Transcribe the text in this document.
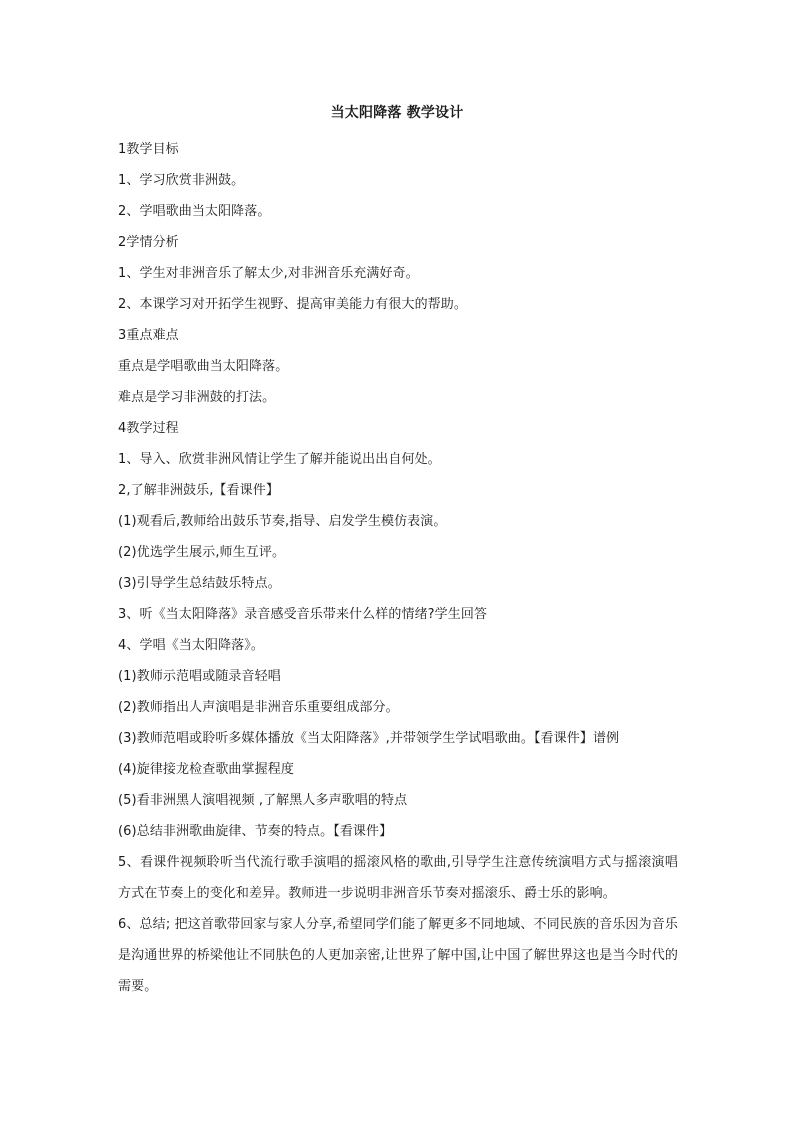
当太阳降落 教学设计
1教学目标
1、学习欣赏非洲鼓。
2、学唱歌曲当太阳降落。
2学情分析
1、学生对非洲音乐了解太少,对非洲音乐充满好奇。
2、本课学习对开拓学生视野、提高审美能力有很大的帮助。
3重点难点
重点是学唱歌曲当太阳降落。
难点是学习非洲鼓的打法。
4教学过程
1、导入、欣赏非洲风情让学生了解并能说出出自何处。
2,了解非洲鼓乐,【看课件】
(1)观看后,教师给出鼓乐节奏,指导、启发学生模仿表演。
(2)优选学生展示,师生互评。
(3)引导学生总结鼓乐特点。
3、听《当太阳降落》录音感受音乐带来什么样的情绪?学生回答
4、学唱《当太阳降落》。
(1)教师示范唱或随录音轻唱
(2)教师指出人声演唱是非洲音乐重要组成部分。
(3)教师范唱或聆听多媒体播放《当太阳降落》,并带领学生学试唱歌曲。【看课件】谱例
(4)旋律接龙检查歌曲掌握程度
(5)看非洲黑人演唱视频 ,了解黑人多声歌唱的特点
(6)总结非洲歌曲旋律、节奏的特点。【看课件】
5、看课件视频聆听当代流行歌手演唱的摇滚风格的歌曲,引导学生注意传统演唱方式与摇滚演唱方式在节奏上的变化和差异。教师进一步说明非洲音乐节奏对摇滚乐、爵士乐的影响。
6、总结; 把这首歌带回家与家人分享,希望同学们能了解更多不同地域、不同民族的音乐因为音乐是沟通世界的桥梁他让不同肤色的人更加亲密,让世界了解中国,让中国了解世界这也是当今时代的需要。
